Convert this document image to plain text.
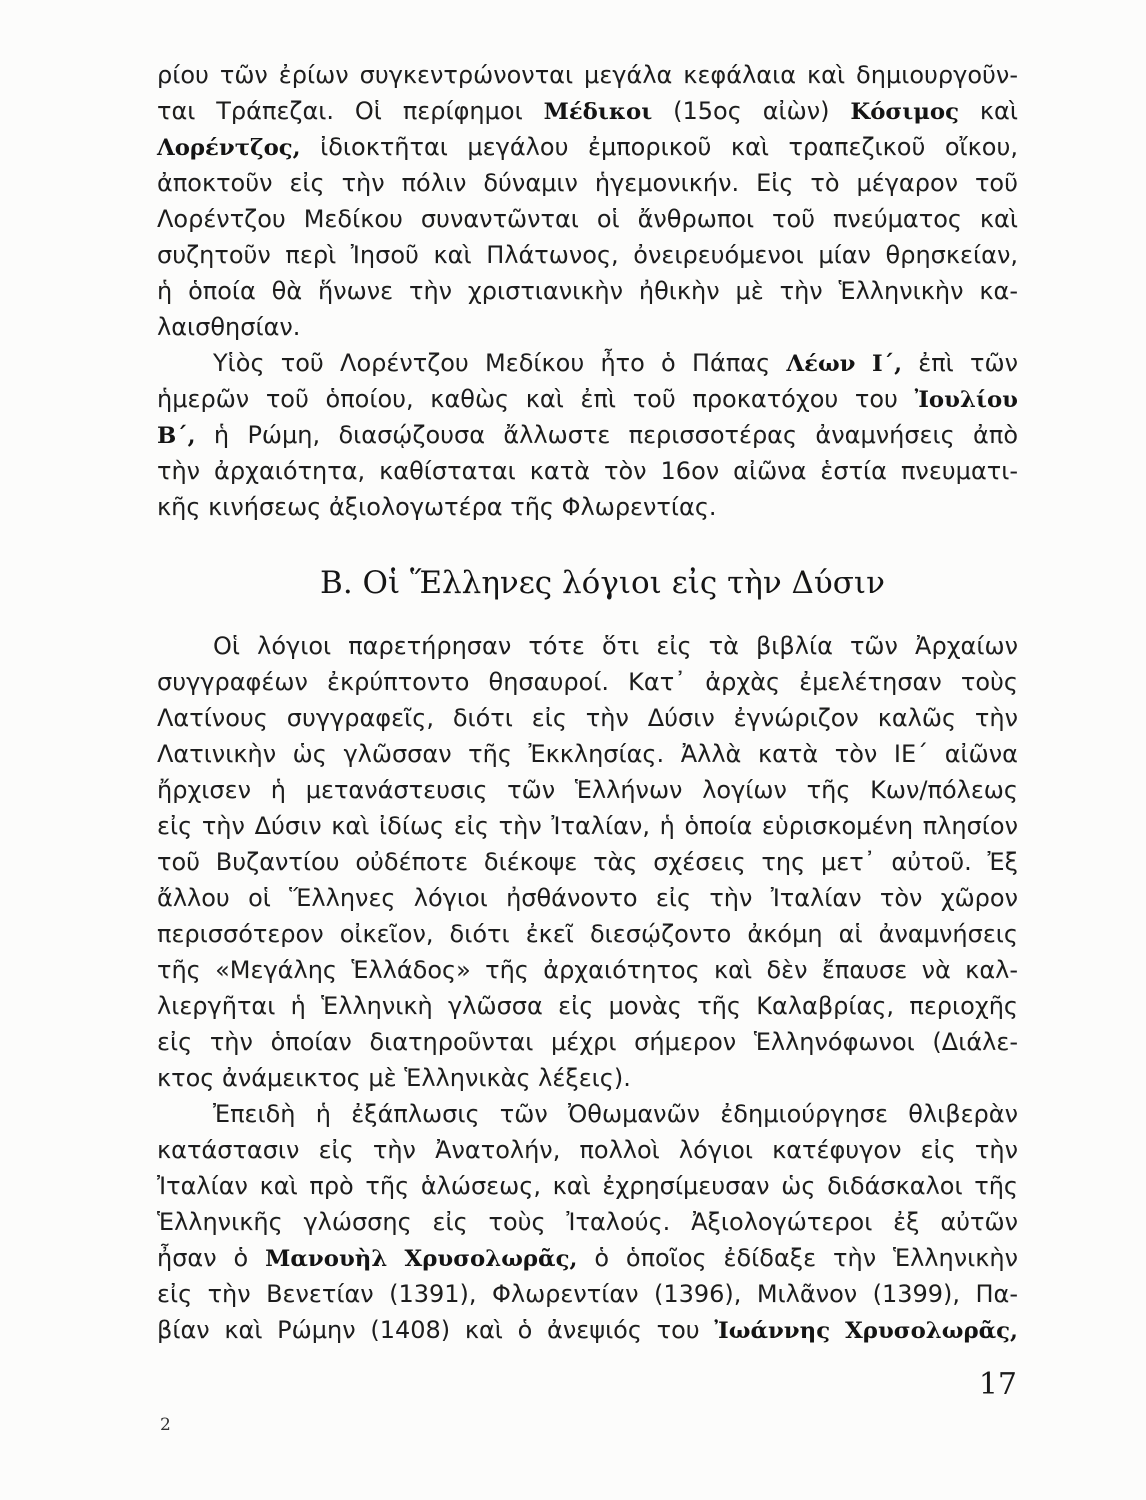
ρίου τῶν ἐρίων συγκεντρώνονται μεγάλα κεφάλαια καὶ δημιουργοῦν-
ται Τράπεζαι. Οἱ περίφημοι Μέδικοι (15ος αἰὼν) Κόσιμος καὶ
Λορέντζος, ἰδιοκτῆται μεγάλου ἐμπορικοῦ καὶ τραπεζικοῦ οἴκου,
ἀποκτοῦν εἰς τὴν πόλιν δύναμιν ἡγεμονικήν. Εἰς τὸ μέγαρον τοῦ
Λορέντζου Μεδίκου συναντῶνται οἱ ἄνθρωποι τοῦ πνεύματος καὶ
συζητοῦν περὶ Ἰησοῦ καὶ Πλάτωνος, ὀνειρευόμενοι μίαν θρησκείαν,
ἡ ὁποία θὰ ἥνωνε τὴν χριστιανικὴν ἠθικὴν μὲ τὴν Ἑλληνικὴν κα-
λαισθησίαν.
Υἱὸς τοῦ Λορέντζου Μεδίκου ἦτο ὁ Πάπας Λέων Ι΄, ἐπὶ τῶν
ἡμερῶν τοῦ ὁποίου, καθὼς καὶ ἐπὶ τοῦ προκατόχου του Ἰουλίου
Β΄, ἡ Ρώμη, διασῴζουσα ἄλλωστε περισσοτέρας ἀναμνήσεις ἀπὸ
τὴν ἀρχαιότητα, καθίσταται κατὰ τὸν 16ον αἰῶνα ἑστία πνευματι-
κῆς κινήσεως ἀξιολογωτέρα τῆς Φλωρεντίας.
Β. Οἱ Ἕλληνες λόγιοι εἰς τὴν Δύσιν
Οἱ λόγιοι παρετήρησαν τότε ὅτι εἰς τὰ βιβλία τῶν Ἀρχαίων
συγγραφέων ἐκρύπτοντο θησαυροί. Κατ᾽ ἀρχὰς ἐμελέτησαν τοὺς
Λατίνους συγγραφεῖς, διότι εἰς τὴν Δύσιν ἐγνώριζον καλῶς τὴν
Λατινικὴν ὡς γλῶσσαν τῆς Ἐκκλησίας. Ἀλλὰ κατὰ τὸν ΙΕ΄ αἰῶνα
ἤρχισεν ἡ μετανάστευσις τῶν Ἑλλήνων λογίων τῆς Κων/πόλεως
εἰς τὴν Δύσιν καὶ ἰδίως εἰς τὴν Ἰταλίαν, ἡ ὁποία εὑρισκομένη πλησίον
τοῦ Βυζαντίου οὐδέποτε διέκοψε τὰς σχέσεις της μετ᾽ αὐτοῦ. Ἐξ
ἄλλου οἱ Ἕλληνες λόγιοι ἠσθάνοντο εἰς τὴν Ἰταλίαν τὸν χῶρον
περισσότερον οἰκεῖον, διότι ἐκεῖ διεσῴζοντο ἀκόμη αἱ ἀναμνήσεις
τῆς «Μεγάλης Ἑλλάδος» τῆς ἀρχαιότητος καὶ δὲν ἔπαυσε νὰ καλ-
λιεργῆται ἡ Ἑλληνικὴ γλῶσσα εἰς μονὰς τῆς Καλαβρίας, περιοχῆς
εἰς τὴν ὁποίαν διατηροῦνται μέχρι σήμερον Ἑλληνόφωνοι (Διάλε-
κτος ἀνάμεικτος μὲ Ἑλληνικὰς λέξεις).
Ἐπειδὴ ἡ ἐξάπλωσις τῶν Ὀθωμανῶν ἐδημιούργησε θλιβερὰν
κατάστασιν εἰς τὴν Ἀνατολήν, πολλοὶ λόγιοι κατέφυγον εἰς τὴν
Ἰταλίαν καὶ πρὸ τῆς ἁλώσεως, καὶ ἐχρησίμευσαν ὡς διδάσκαλοι τῆς
Ἑλληνικῆς γλώσσης εἰς τοὺς Ἰταλούς. Ἀξιολογώτεροι ἐξ αὐτῶν
ἦσαν ὁ Μανουὴλ Χρυσολωρᾶς, ὁ ὁποῖος ἐδίδαξε τὴν Ἑλληνικὴν
εἰς τὴν Βενετίαν (1391), Φλωρεντίαν (1396), Μιλᾶνον (1399), Πα-
βίαν καὶ Ρώμην (1408) καὶ ὁ ἀνεψιός του Ἰωάννης Χρυσολωρᾶς,
17
2
